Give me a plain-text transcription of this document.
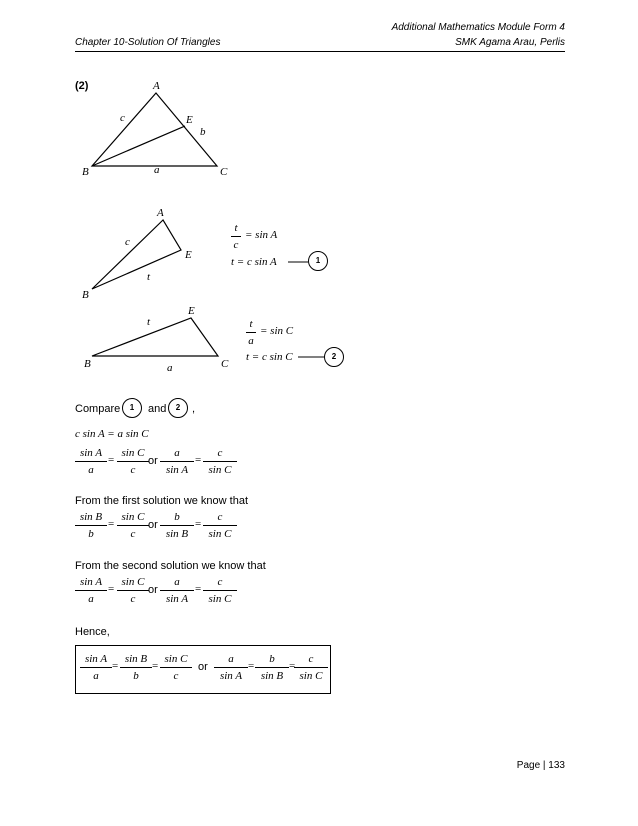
Additional Mathematics Module Form 4
Chapter 10-Solution Of Triangles	SMK Agama Arau, Perlis
(2)	A
B	C
E
a
b
c
A
B
E
c
t
t
c
= sin A
t = c sin A	1
E
B	C
t
a
t
a
= sin C
t = c sin C	2
Compare	1	and	2	,
c sin A = a sin C
sin A
a
=
sin C
c
or
a
sin A
=
c
sin C
From the first solution we know that
sin B
b
=
sin C
c
or
b
sin B
=
c
sin C
From the second solution we know that
sin A
a
=
sin C
c
or
a
sin A
=
c
sin C
Hence,
sin A
a
=
sin B
b
=
sin C
c
or
a
sin A
=
b
sin B
=
c
sin C
Page | 133
